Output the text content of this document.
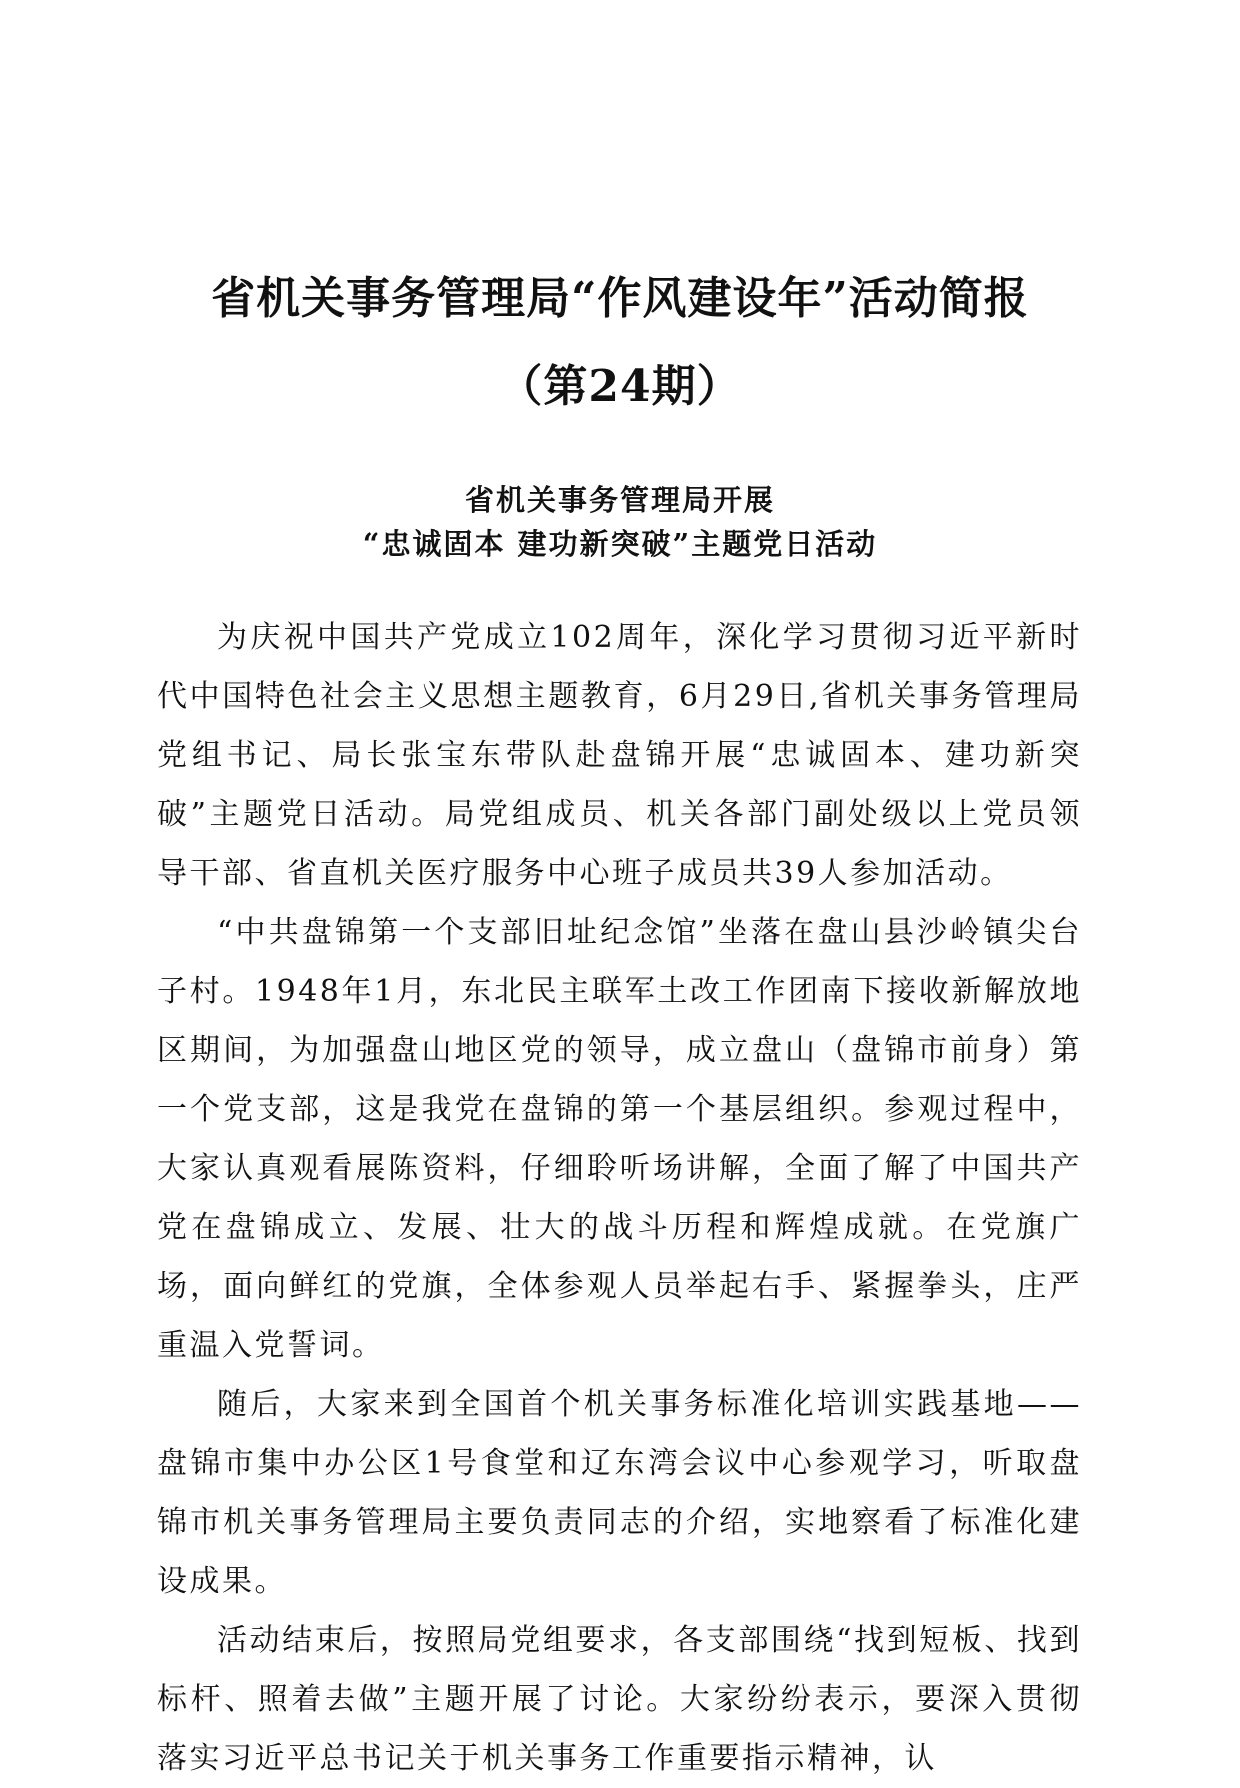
省机关事务管理局“作风建设年”活动简报
（第24期）
省机关事务管理局开展
“忠诚固本 建功新突破”主题党日活动

为庆祝中国共产党成立102周年，深化学习贯彻习近平新时代中国特色社会主义思想主题教育，6月29日,省机关事务管理局党组书记、局长张宝东带队赴盘锦开展“忠诚固本、建功新突破”主题党日活动。局党组成员、机关各部门副处级以上党员领导干部、省直机关医疗服务中心班子成员共39人参加活动。

“中共盘锦第一个支部旧址纪念馆”坐落在盘山县沙岭镇尖台子村。1948年1月，东北民主联军土改工作团南下接收新解放地区期间，为加强盘山地区党的领导，成立盘山（盘锦市前身）第一个党支部，这是我党在盘锦的第一个基层组织。参观过程中，大家认真观看展陈资料，仔细聆听场讲解，全面了解了中国共产党在盘锦成立、发展、壮大的战斗历程和辉煌成就。在党旗广场，面向鲜红的党旗，全体参观人员举起右手、紧握拳头，庄严重温入党誓词。

随后，大家来到全国首个机关事务标准化培训实践基地——盘锦市集中办公区1号食堂和辽东湾会议中心参观学习，听取盘锦市机关事务管理局主要负责同志的介绍，实地察看了标准化建设成果。

活动结束后，按照局党组要求，各支部围绕“找到短板、找到标杆、照着去做”主题开展了讨论。大家纷纷表示，要深入贯彻落实习近平总书记关于机关事务工作重要指示精神，认
